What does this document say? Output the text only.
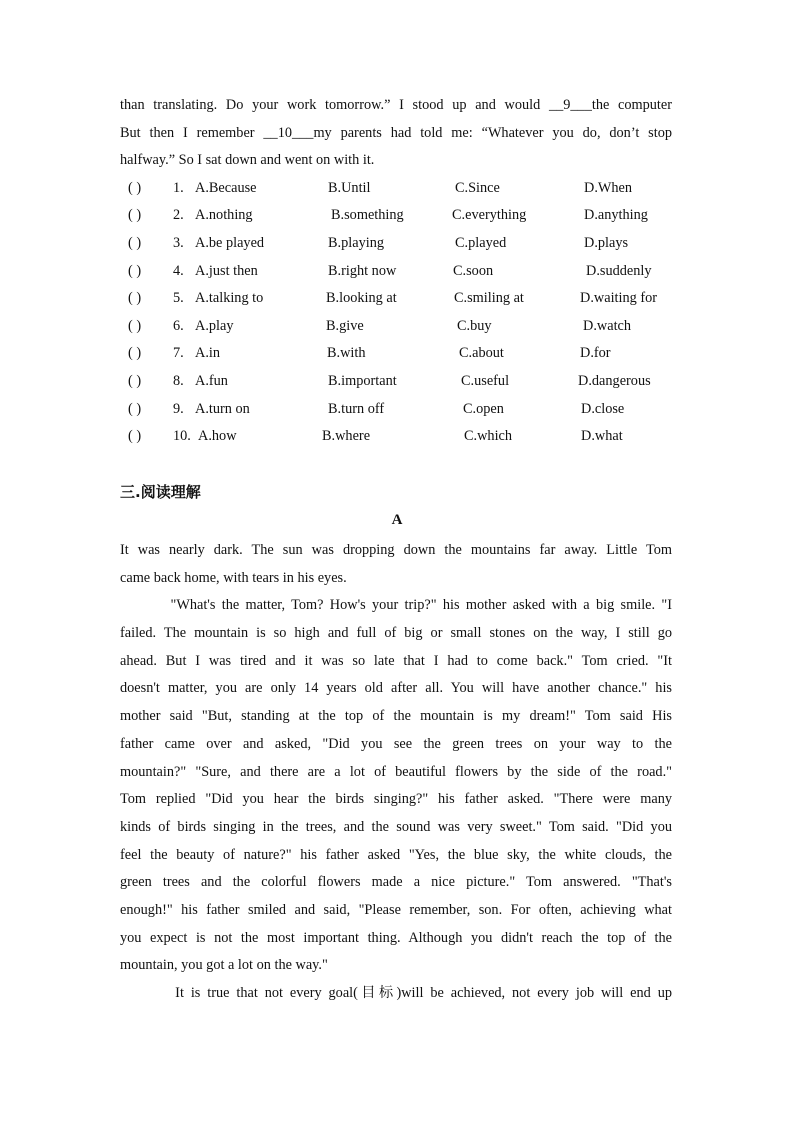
than translating. Do your work tomorrow.” I stood up and would __9___the computer
But then I remember __10___my parents had told me: “Whatever you do, don’t stop
halfway.” So I sat down and went on with it.
( ) 1. A.Because	B.Until	C.Since	D.When
( ) 2. A.nothing	B.something	C.everything	D.anything
( ) 3. A.be played	B.playing	C.played	D.plays
( ) 4. A.just then	B.right now	C.soon	D.suddenly
( ) 5. A.talking to	B.looking at	C.smiling at	D.waiting for
( ) 6. A.play	B.give	C.buy	D.watch
( ) 7. A.in	B.with	C.about	D.for
( ) 8. A.fun	B.important	C.useful	D.dangerous
( ) 9. A.turn on	B.turn off	C.open	D.close
( ) 10. A.how	B.where	C.which	D.what
三.阅读理解
A
It was nearly dark. The sun was dropping down the mountains far away. Little Tom
came back home, with tears in his eyes.
"What's the matter, Tom? How's your trip?" his mother asked with a big smile. "I
failed. The mountain is so high and full of big or small stones on the way, I still go
ahead. But I was tired and it was so late that I had to come back." Tom cried. "It
doesn't matter, you are only 14 years old after all. You will have another chance." his
mother said "But, standing at the top of the mountain is my dream!" Tom said His
father came over and asked, "Did you see the green trees on your way to the
mountain?" "Sure, and there are a lot of beautiful flowers by the side of the road."
Tom replied "Did you hear the birds singing?" his father asked. "There were many
kinds of birds singing in the trees, and the sound was very sweet." Tom said. "Did you
feel the beauty of nature?" his father asked "Yes, the blue sky, the white clouds, the
green trees and the colorful flowers made a nice picture." Tom answered. "That's
enough!" his father smiled and said, "Please remember, son. For often, achieving what
you expect is not the most important thing. Although you didn't reach the top of the
mountain, you got a lot on the way."
It is true that not every goal(目标)will be achieved, not every job will end up
